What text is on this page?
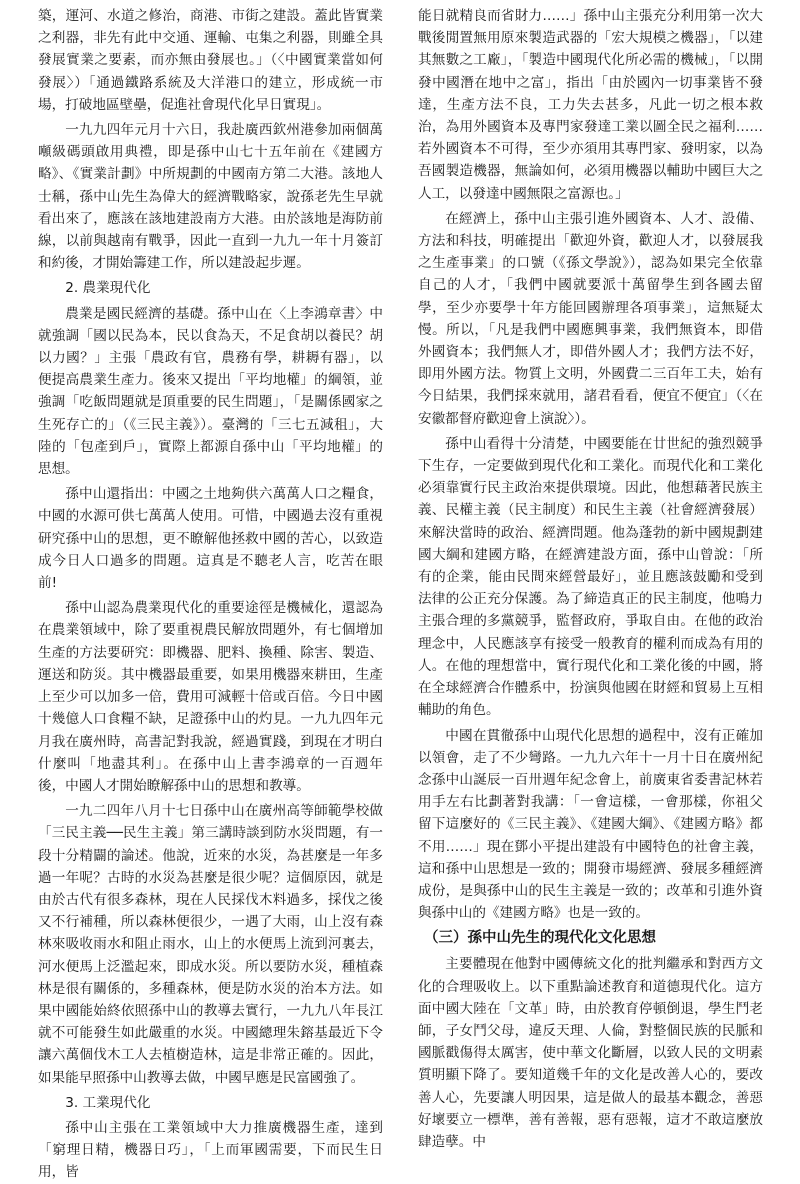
築，運河、水道之修治，商港、市街之建設。蓋此皆實業之利器，非先有此中交通、運輸、屯集之利器，則雖全具發展實業之要素，而亦無由發展也。」（〈中國實業當如何發展〉）「通過鐵路系統及大洋港口的建立，形成統一市場，打破地區壁壘，促進社會現代化早日實現」。

一九九四年元月十六日，我赴廣西欽州港參加兩個萬噸級碼頭啟用典禮，即是孫中山七十五年前在《建國方略》、《實業計劃》中所規劃的中國南方第二大港。該地人士稱，孫中山先生為偉大的經濟戰略家，說孫老先生早就看出來了，應該在該地建設南方大港。由於該地是海防前線，以前與越南有戰爭，因此一直到一九九一年十月簽訂和約後，才開始籌建工作，所以建設起步遲。

2. 農業現代化

農業是國民經濟的基礎。孫中山在〈上李鴻章書〉中就強調「國以民為本，民以食為天，不足食胡以養民？胡以力國？」主張「農政有官，農務有學，耕耨有器」，以便提高農業生產力。後來又提出「平均地權」的綱領，並強調「吃飯問題就是頂重要的民生問題」，「是關係國家之生死存亡的」（《三民主義》）。臺灣的「三七五減租」，大陸的「包產到戶」，實際上都源自孫中山「平均地權」的思想。

孫中山還指出：中國之土地夠供六萬萬人口之糧食，中國的水源可供七萬萬人使用。可惜，中國過去沒有重視研究孫中山的思想，更不瞭解他拯救中國的苦心，以致造成今日人口過多的問題。這真是不聽老人言，吃苦在眼前!

孫中山認為農業現代化的重要途徑是機械化，還認為在農業領域中，除了要重視農民解放問題外，有七個增加生產的方法要研究：即機器、肥料、換種、除害、製造、運送和防災。其中機器最重要，如果用機器來耕田，生產上至少可以加多一倍，費用可減輕十倍或百倍。今日中國十幾億人口食糧不缺，足證孫中山的灼見。一九九四年元月我在廣州時，高書記對我說，經過實踐，到現在才明白什麼叫「地盡其利」。在孫中山上書李鴻章的一百週年後，中國人才開始瞭解孫中山的思想和教導。

一九二四年八月十七日孫中山在廣州高等師範學校做「三民主義──民生主義」第三講時談到防水災問題，有一段十分精闢的論述。他說，近來的水災，為甚麼是一年多過一年呢？古時的水災為甚麼是很少呢？這個原因，就是由於古代有很多森林，現在人民採伐木料過多，採伐之後又不行補種，所以森林便很少，一遇了大雨，山上沒有森林來吸收雨水和阻止雨水，山上的水便馬上流到河裏去，河水便馬上泛濫起來，即成水災。所以要防水災，種植森林是很有關係的，多種森林，便是防水災的治本方法。如果中國能始終依照孫中山的教導去實行，一九九八年長江就不可能發生如此嚴重的水災。中國總理朱鎔基最近下令讓六萬個伐木工人去植樹造林，這是非常正確的。因此，如果能早照孫中山教導去做，中國早應是民富國強了。

3. 工業現代化

孫中山主張在工業領域中大力推廣機器生產，達到「窮理日精，機器日巧」，「上而軍國需要，下而民生日用，皆

能日就精良而省財力……」孫中山主張充分利用第一次大戰後閒置無用原來製造武器的「宏大規模之機器」，「以建其無數之工廠」，「製造中國現代化所必需的機械」，「以開發中國潛在地中之富」，指出「由於國內一切事業皆不發達，生產方法不良，工力失去甚多，凡此一切之根本救治，為用外國資本及專門家發達工業以圖全民之福利……若外國資本不可得，至少亦須用其專門家、發明家，以為吾國製造機器，無論如何，必須用機器以輔助中國巨大之人工，以發達中國無限之富源也。」

在經濟上，孫中山主張引進外國資本、人才、設備、方法和科技，明確提出「歡迎外資，歡迎人才，以發展我之生產事業」的口號（《孫文學說》），認為如果完全依靠自己的人才，「我們中國就要派十萬留學生到各國去留學，至少亦要學十年方能回國辦理各項事業」，這無疑太慢。所以，「凡是我們中國應興事業，我們無資本，即借外國資本；我們無人才，即借外國人才；我們方法不好，即用外國方法。物質上文明，外國費二三百年工夫，始有今日結果，我們採來就用，諸君看看，便宜不便宜」（〈在安徽都督府歡迎會上演說〉）。

孫中山看得十分清楚，中國要能在廿世紀的強烈競爭下生存，一定要做到現代化和工業化。而現代化和工業化必須靠實行民主政治來提供環境。因此，他想藉著民族主義、民權主義（民主制度）和民生主義（社會經濟發展）來解決當時的政治、經濟問題。他為蓬勃的新中國規劃建國大綱和建國方略，在經濟建設方面，孫中山曾說：「所有的企業，能由民間來經營最好」，並且應該鼓勵和受到法律的公正充分保護。為了締造真正的民主制度，他鳴力主張合理的多黨競爭，監督政府，爭取自由。在他的政治理念中，人民應該享有接受一般教育的權利而成為有用的人。在他的理想當中，實行現代化和工業化後的中國，將在全球經濟合作體系中，扮演與他國在財經和貿易上互相輔助的角色。

中國在貫徹孫中山現代化思想的過程中，沒有正確加以領會，走了不少彎路。一九九六年十一月十日在廣州紀念孫中山誕辰一百卅週年紀念會上，前廣東省委書記林若用手左右比劃著對我講：「一會這樣，一會那樣，你祖父留下這麼好的《三民主義》、《建國大綱》、《建國方略》都不用……」現在鄧小平提出建設有中國特色的社會主義，這和孫中山思想是一致的；開發市場經濟、發展多種經濟成份，是與孫中山的民生主義是一致的；改革和引進外資與孫中山的《建國方略》也是一致的。

（三）孫中山先生的現代化文化思想

主要體現在他對中國傳統文化的批判繼承和對西方文化的合理吸收上。以下重點論述教育和道德現代化。這方面中國大陸在「文革」時，由於教育停頓倒退，學生鬥老師，子女鬥父母，違反天理、人倫，對整個民族的民脈和國脈戳傷得太厲害，使中華文化斷層，以致人民的文明素質明顯下降了。要知道幾千年的文化是改善人心的，要改善人心，先要讓人明因果，這是做人的最基本觀念，善惡好壞要立一標準，善有善報，惡有惡報，這才不敢這麼放肆造孽。中
